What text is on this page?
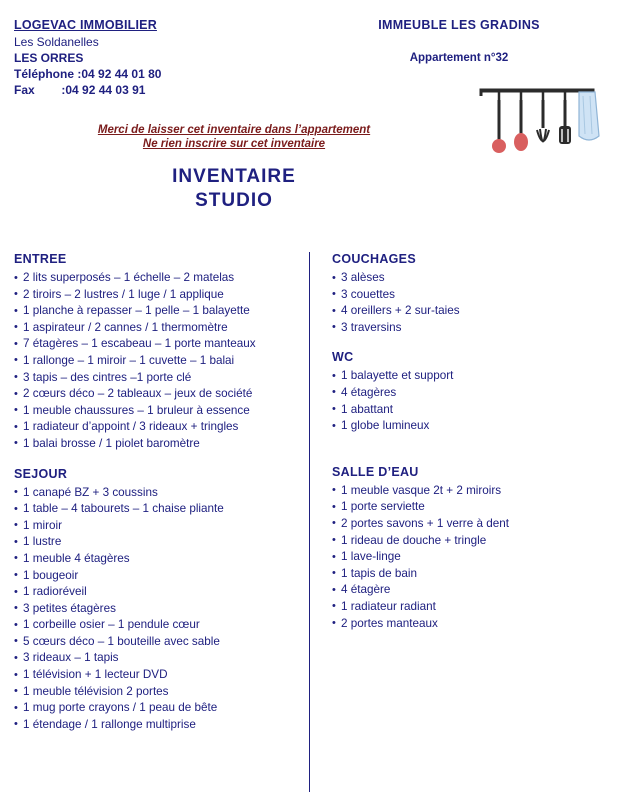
LOGEVAC IMMOBILIER
Les Soldanelles
LES ORRES
Téléphone : 04 92 44 01 80
Fax        : 04 92 44 03 91
IMMEUBLE LES GRADINS
Appartement n°32
Merci de laisser cet inventaire dans l’appartement
Ne rien inscrire sur cet inventaire
INVENTAIRE
STUDIO
ENTREE
• 2 lits superposés – 1 échelle – 2 matelas
• 2 tiroirs – 2 lustres / 1 luge / 1 applique
• 1 planche à repasser – 1 pelle – 1 balayette
• 1 aspirateur / 2 cannes / 1 thermomètre
• 7 étagères – 1 escabeau – 1 porte manteaux
• 1 rallonge – 1 miroir – 1 cuvette – 1 balai
• 3 tapis – des cintres –1 porte clé
• 2 cœurs déco – 2 tableaux – jeux de société
• 1 meuble chaussures – 1 bruleur à essence
• 1 radiateur d’appoint / 3 rideaux + tringles
• 1 balai brosse / 1 piolet baromètre
SEJOUR
• 1 canapé BZ + 3 coussins
• 1 table – 4 tabourets – 1 chaise pliante
• 1 miroir
• 1 lustre
• 1 meuble 4 étagères
• 1 bougeoir
• 1 radioréveil
• 3 petites étagères
• 1 corbeille osier – 1 pendule cœur
• 5 cœurs déco – 1 bouteille avec sable
• 3 rideaux – 1 tapis
• 1 télévision + 1 lecteur DVD
• 1 meuble télévision 2 portes
• 1 mug porte crayons / 1 peau de bête
• 1 étendage / 1 rallonge multiprise
COUCHAGES
• 3 alèses
• 3 couettes
• 4 oreillers + 2 sur-taies
• 3 traversins
WC
• 1 balayette et support
• 4 étagères
• 1 abattant
• 1 globe lumineux
SALLE D’EAU
• 1 meuble vasque 2t + 2 miroirs
• 1 porte serviette
• 2 portes savons + 1 verre à dent
• 1 rideau de douche + tringle
• 1 lave-linge
• 1 tapis de bain
• 4 étagère
• 1 radiateur radiant
• 2 portes manteaux
